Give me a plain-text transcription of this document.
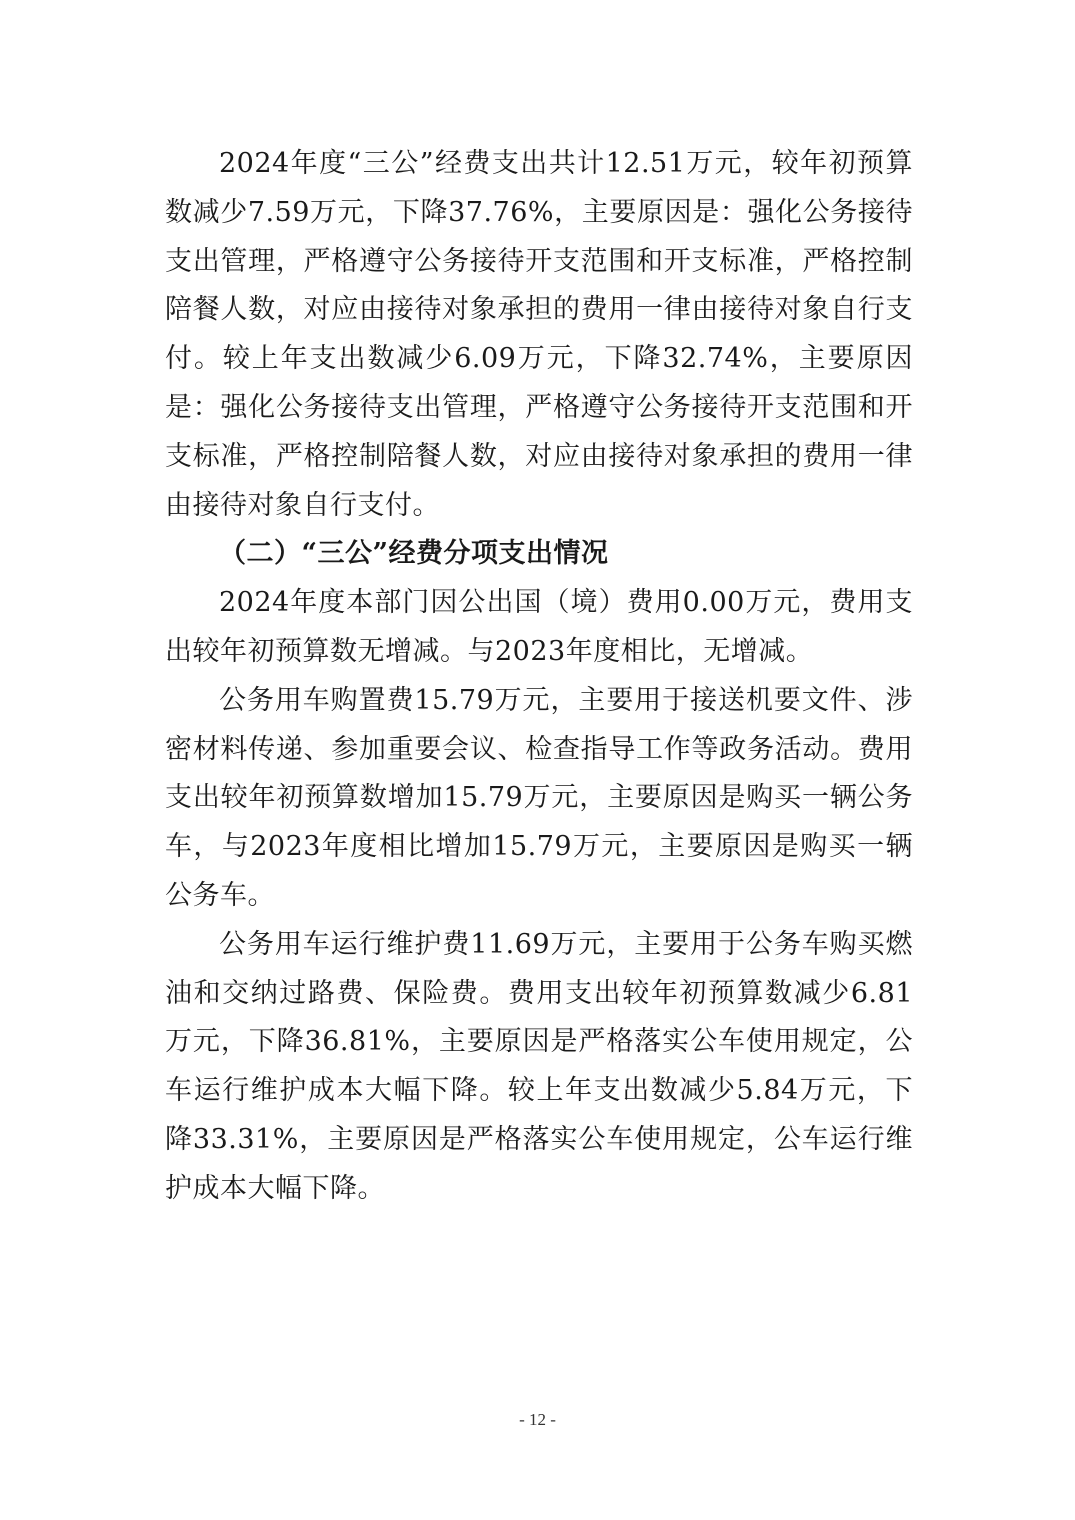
2024年度“三公”经费支出共计12.51万元，较年初预算数减少7.59万元，下降37.76%，主要原因是：强化公务接待支出管理，严格遵守公务接待开支范围和开支标准，严格控制陪餐人数，对应由接待对象承担的费用一律由接待对象自行支付。较上年支出数减少6.09万元，下降32.74%，主要原因是：强化公务接待支出管理，严格遵守公务接待开支范围和开支标准，严格控制陪餐人数，对应由接待对象承担的费用一律由接待对象自行支付。

（二）“三公”经费分项支出情况

2024年度本部门因公出国（境）费用0.00万元，费用支出较年初预算数无增减。与2023年度相比，无增减。

公务用车购置费15.79万元，主要用于接送机要文件、涉密材料传递、参加重要会议、检查指导工作等政务活动。费用支出较年初预算数增加15.79万元，主要原因是购买一辆公务车，与2023年度相比增加15.79万元，主要原因是购买一辆公务车。

公务用车运行维护费11.69万元，主要用于公务车购买燃油和交纳过路费、保险费。费用支出较年初预算数减少6.81万元，下降36.81%，主要原因是严格落实公车使用规定，公车运行维护成本大幅下降。较上年支出数减少5.84万元，下降33.31%，主要原因是严格落实公车使用规定，公车运行维护成本大幅下降。

- 12 -
